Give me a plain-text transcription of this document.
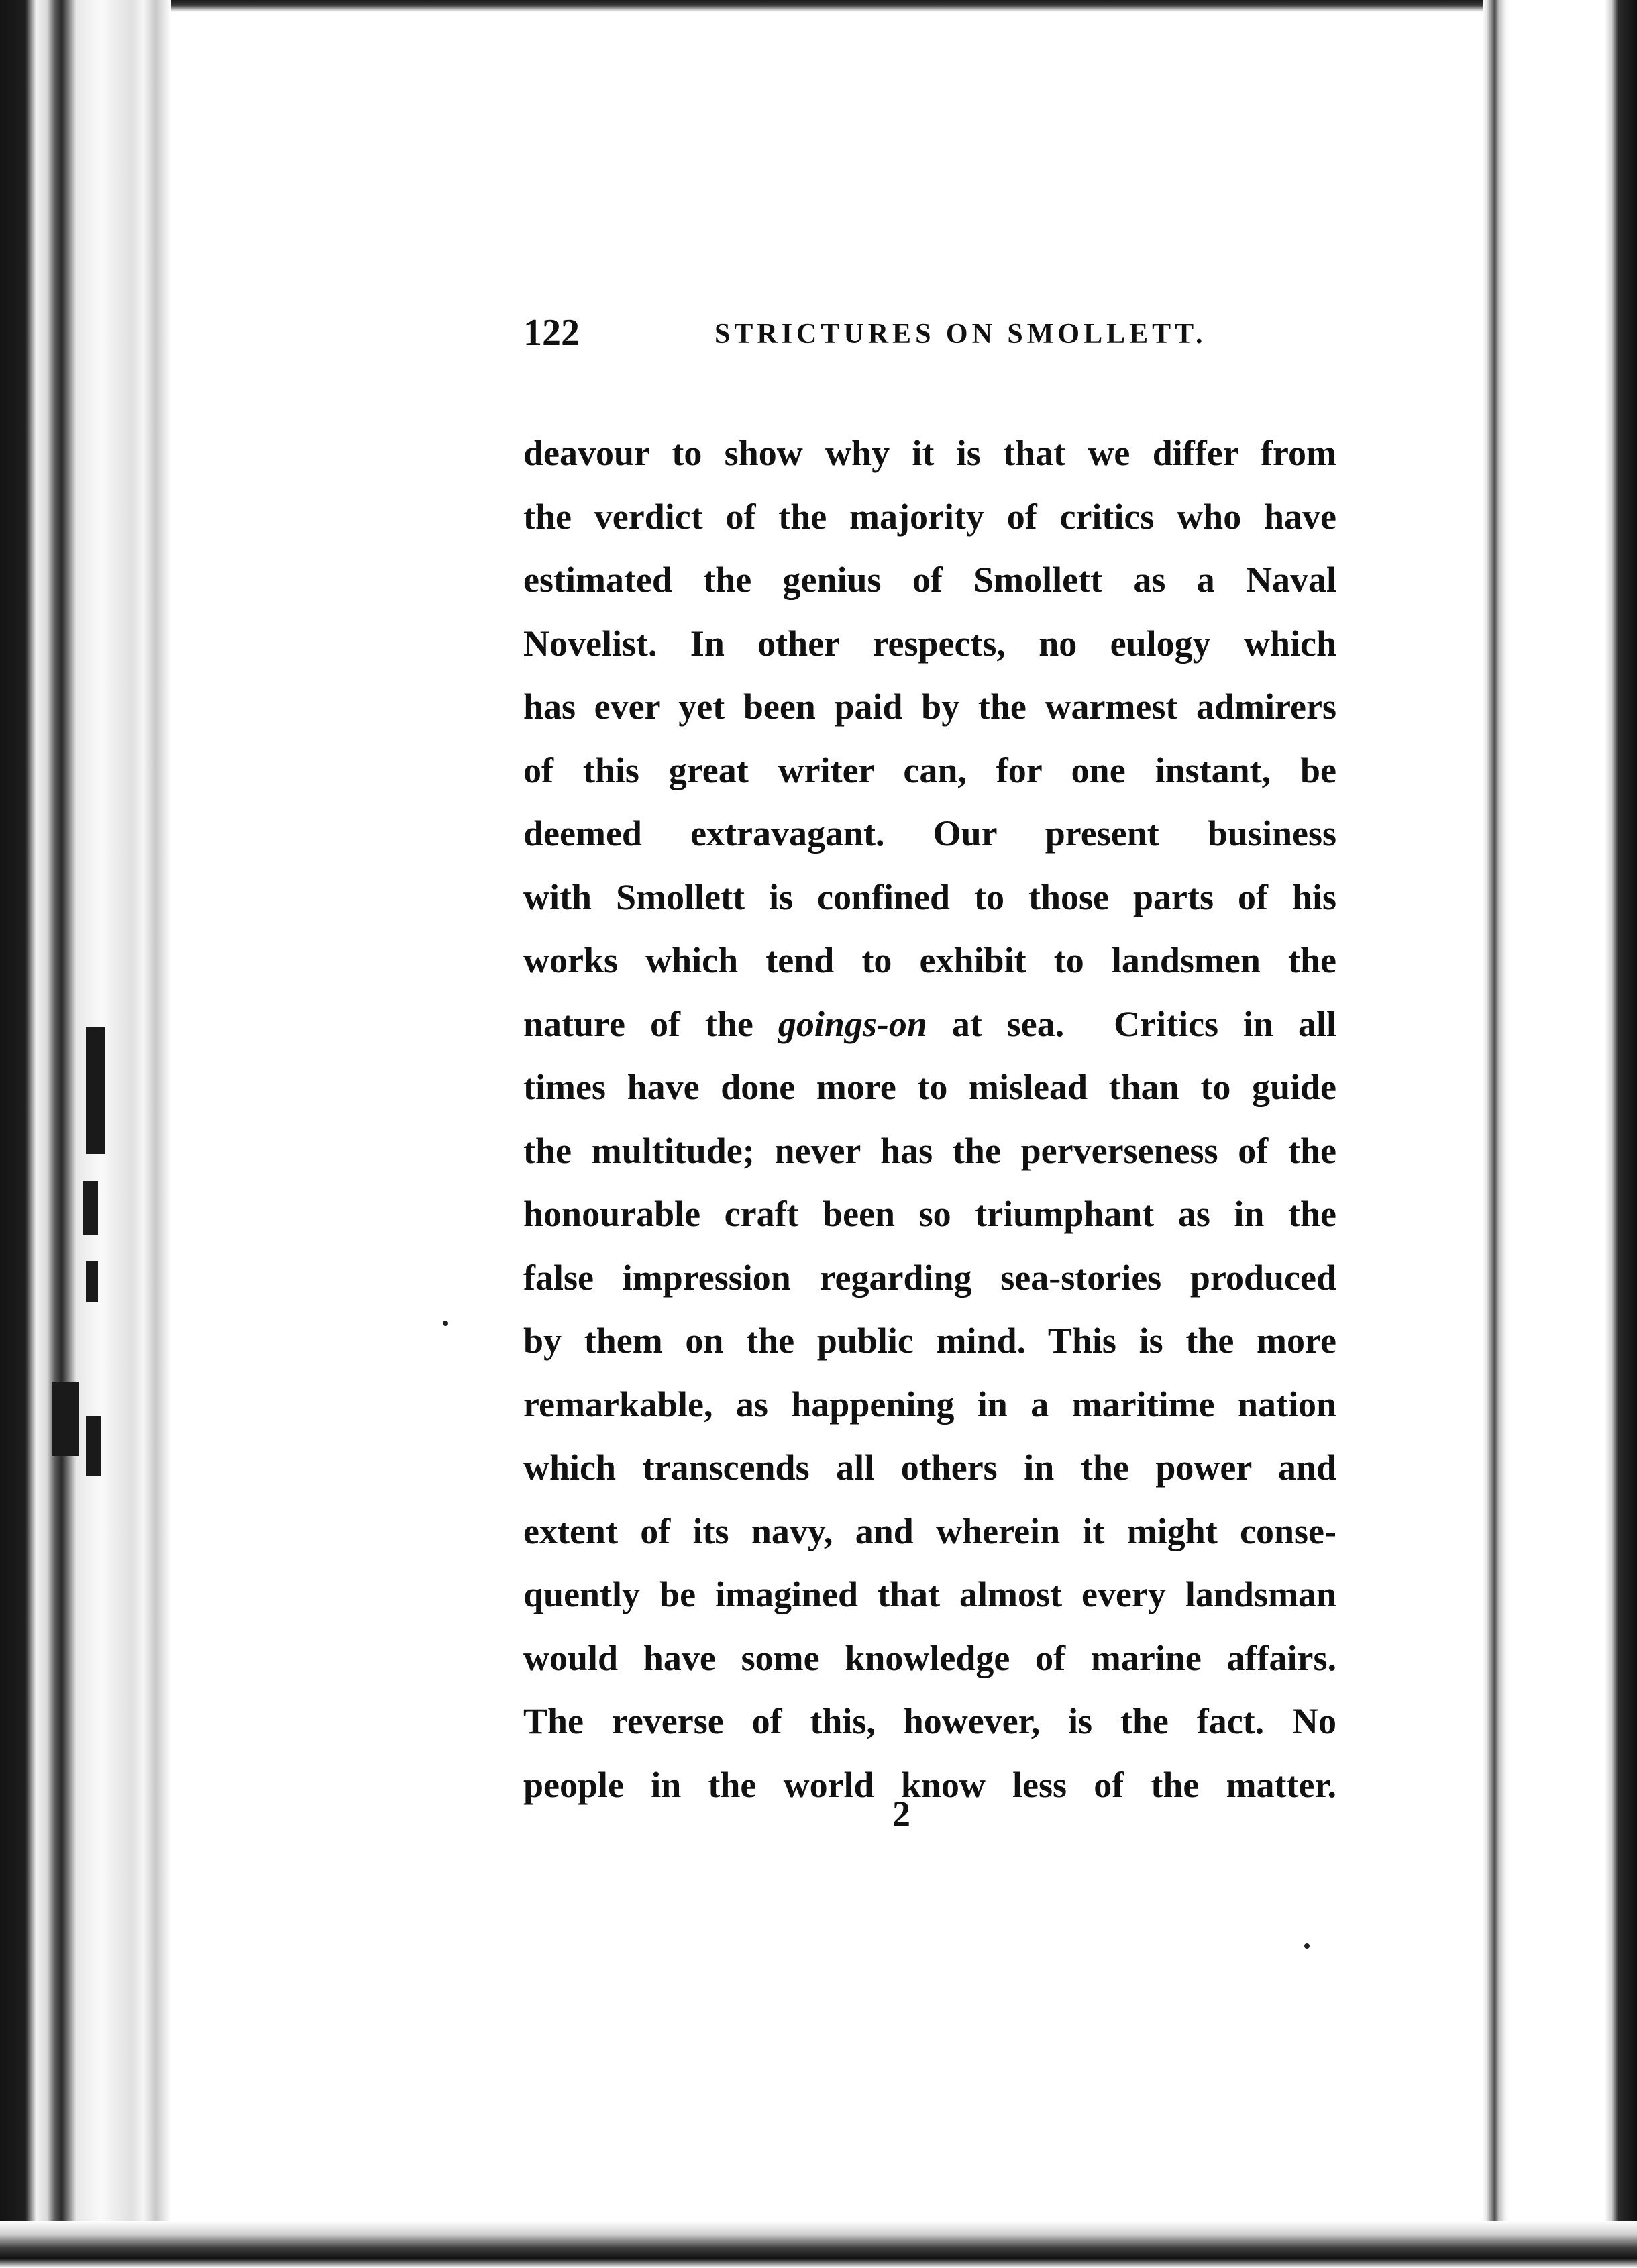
122	STRICTURES ON SMOLLETT.
deavour to show why it is that we differ from
the verdict of the majority of critics who have
estimated the genius of Smollett as a Naval
Novelist. In other respects, no eulogy which
has ever yet been paid by the warmest admirers
of this great writer can, for one instant, be
deemed extravagant. Our present business
with Smollett is confined to those parts of his
works which tend to exhibit to landsmen the
nature of the goings-on at sea.  Critics in all
times have done more to mislead than to guide
the multitude; never has the perverseness of the
honourable craft been so triumphant as in the
false impression regarding sea-stories produced
by them on the public mind. This is the more
remarkable, as happening in a maritime nation
which transcends all others in the power and
extent of its navy, and wherein it might conse-
quently be imagined that almost every landsman
would have some knowledge of marine affairs.
The reverse of this, however, is the fact. No
people in the world know less of the matter.
2
